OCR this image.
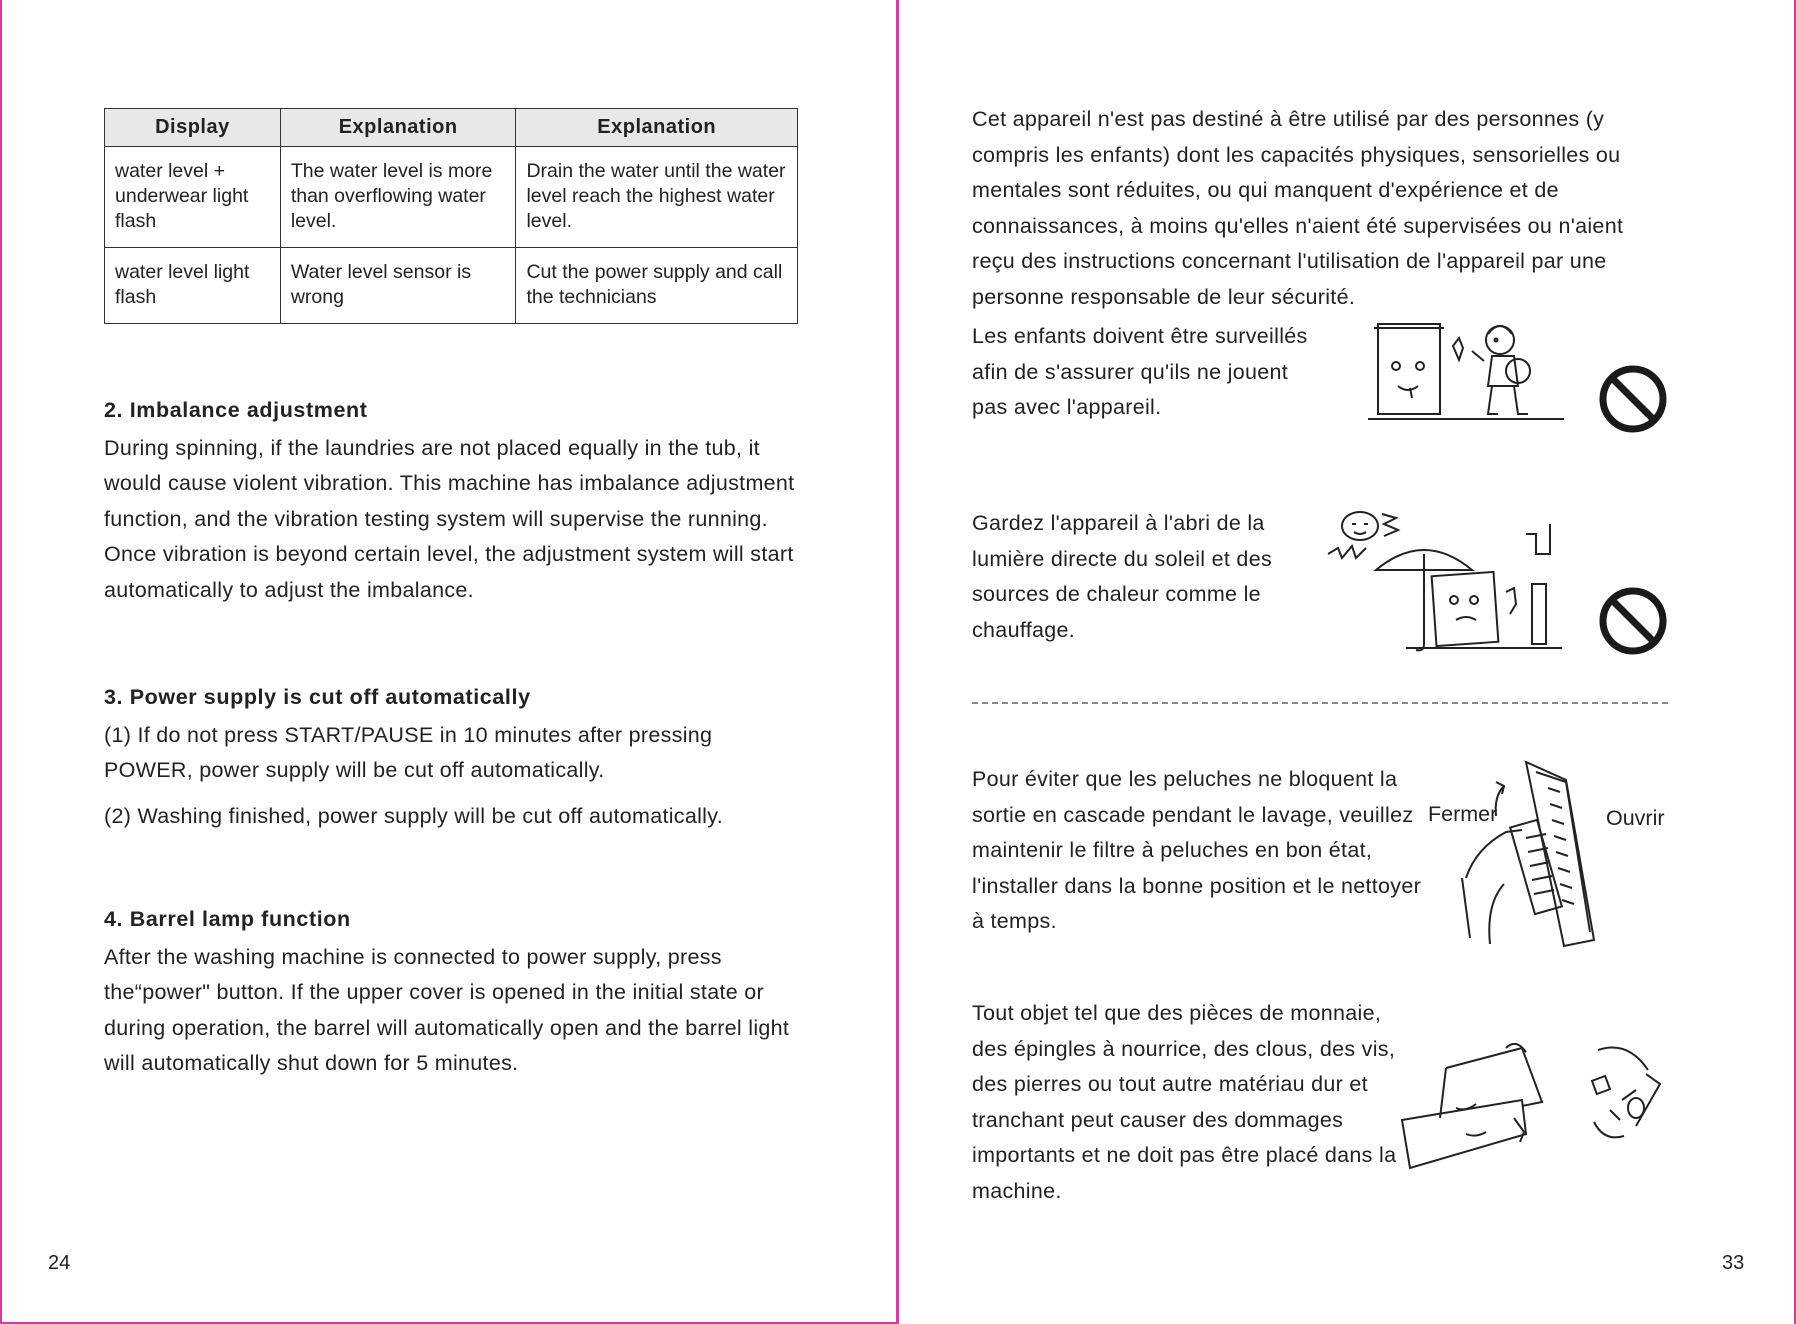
Display	Explanation	Explanation
water level + underwear light flash	The water level is more than overflowing water level.	Drain the water until the water level reach the highest water level.
water level light flash	Water level sensor is wrong	Cut the power supply and call the technicians
2. Imbalance adjustment

During spinning, if the laundries are not placed equally in the tub, it would cause violent vibration. This machine has imbalance adjustment function, and the vibration testing system will supervise the running. Once vibration is beyond certain level, the adjustment system will start automatically to adjust the imbalance.

3. Power supply is cut off automatically

(1) If do not press START/PAUSE in 10 minutes after pressing POWER, power supply will be cut off automatically.

(2) Washing finished, power supply will be cut off automatically.

4. Barrel lamp function

After the washing machine is connected to power supply, press the“power" button. If the upper cover is opened in the initial state or during operation, the barrel will automatically open and the barrel light will automatically shut down for 5 minutes.

24
Cet appareil n'est pas destiné à être utilisé par des personnes (y compris les enfants) dont les capacités physiques, sensorielles ou mentales sont réduites, ou qui manquent d'expérience et de connaissances, à moins qu'elles n'aient été supervisées ou n'aient reçu des instructions concernant l'utilisation de l'appareil par une personne responsable de leur sécurité.
Les enfants doivent être surveillés afin de s'assurer qu'ils ne jouent pas avec l'appareil.
Gardez l'appareil à l'abri de la lumière directe du soleil et des sources de chaleur comme le chauffage.
Pour éviter que les peluches ne bloquent la sortie en cascade pendant le lavage, veuillez maintenir le filtre à peluches en bon état, l'installer dans la bonne position et le nettoyer à temps.
Fermer	Ouvrir
Tout objet tel que des pièces de monnaie, des épingles à nourrice, des clous, des vis, des pierres ou tout autre matériau dur et tranchant peut causer des dommages importants et ne doit pas être placé dans la machine.
33
